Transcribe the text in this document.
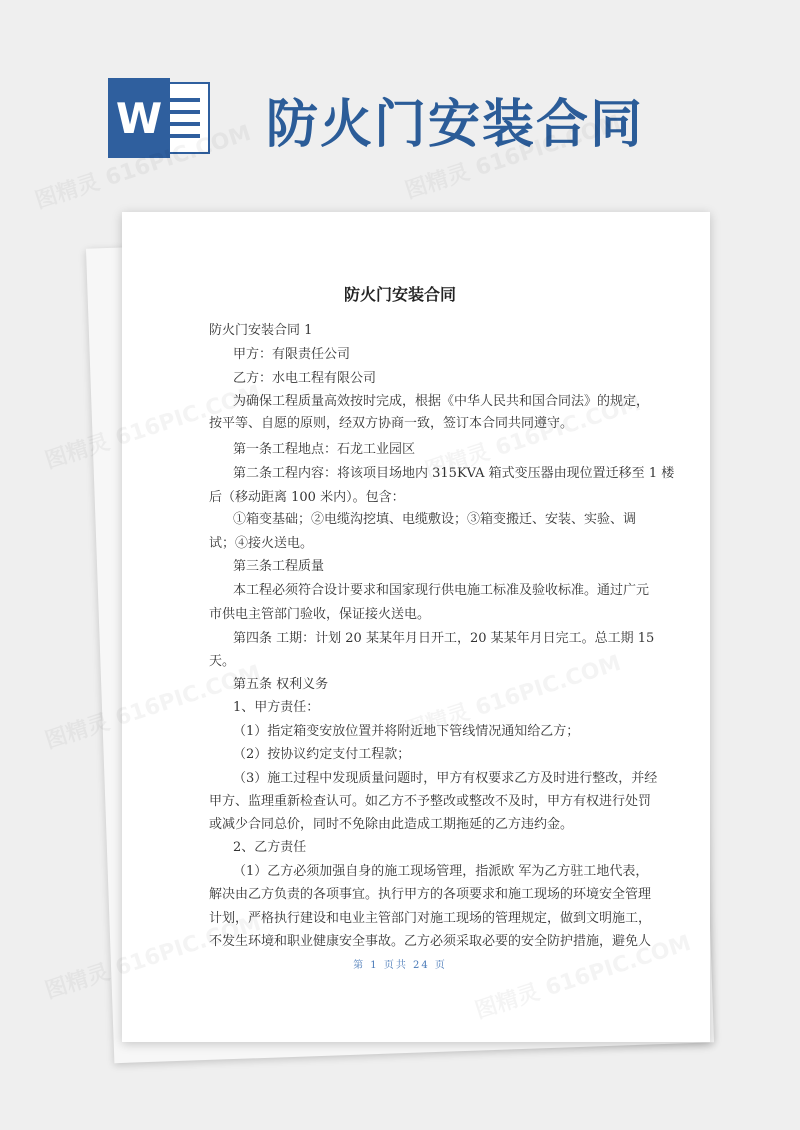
W 防火门安装合同
防火门安装合同
防火门安装合同 1
甲方：有限责任公司
乙方：水电工程有限公司
为确保工程质量高效按时完成，根据《中华人民共和国合同法》的规定，
按平等、自愿的原则，经双方协商一致，签订本合同共同遵守。
第一条工程地点：石龙工业园区
第二条工程内容：将该项目场地内 315KVA 箱式变压器由现位置迁移至 1 楼
后（移动距离 100 米内）。包含：
①箱变基础；②电缆沟挖填、电缆敷设；③箱变搬迁、安装、实验、调
试；④接火送电。
第三条工程质量
本工程必须符合设计要求和国家现行供电施工标准及验收标准。通过广元
市供电主管部门验收，保证接火送电。
第四条 工期：计划 20 某某年月日开工，20 某某年月日完工。总工期 15
天。
第五条 权利义务
1、甲方责任：
（1）指定箱变安放位置并将附近地下管线情况通知给乙方；
（2）按协议约定支付工程款；
（3）施工过程中发现质量问题时，甲方有权要求乙方及时进行整改，并经
甲方、监理重新检查认可。如乙方不予整改或整改不及时，甲方有权进行处罚
或减少合同总价，同时不免除由此造成工期拖延的乙方违约金。
2、乙方责任
（1）乙方必须加强自身的施工现场管理，指派欧 军为乙方驻工地代表，
解决由乙方负责的各项事宜。执行甲方的各项要求和施工现场的环境安全管理
计划，严格执行建设和电业主管部门对施工现场的管理规定，做到文明施工，
不发生环境和职业健康安全事故。乙方必须采取必要的安全防护措施，避免人
第 1 页共 24 页
